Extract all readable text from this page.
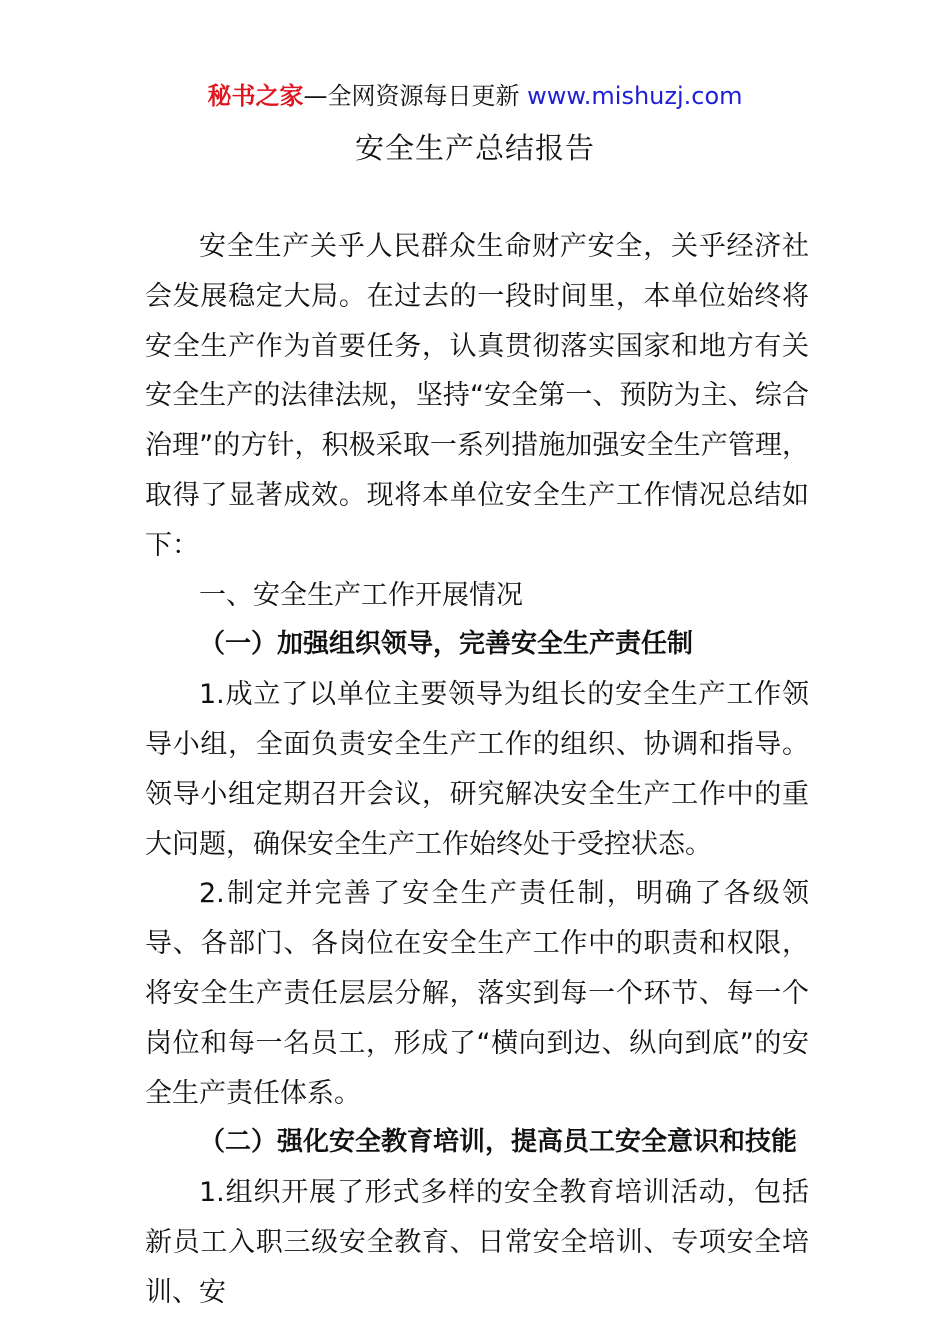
秘书之家—全网资源每日更新 www.mishuzj.com
安全生产总结报告

安全生产关乎人民群众生命财产安全，关乎经济社会发展稳定大局。在过去的一段时间里，本单位始终将安全生产作为首要任务，认真贯彻落实国家和地方有关安全生产的法律法规，坚持“安全第一、预防为主、综合治理”的方针，积极采取一系列措施加强安全生产管理，取得了显著成效。现将本单位安全生产工作情况总结如下：

一、安全生产工作开展情况

（一）加强组织领导，完善安全生产责任制

1.成立了以单位主要领导为组长的安全生产工作领导小组，全面负责安全生产工作的组织、协调和指导。领导小组定期召开会议，研究解决安全生产工作中的重大问题，确保安全生产工作始终处于受控状态。

2.制定并完善了安全生产责任制，明确了各级领导、各部门、各岗位在安全生产工作中的职责和权限，将安全生产责任层层分解，落实到每一个环节、每一个岗位和每一名员工，形成了“横向到边、纵向到底”的安全生产责任体系。

（二）强化安全教育培训，提高员工安全意识和技能

1.组织开展了形式多样的安全教育培训活动，包括新员工入职三级安全教育、日常安全培训、专项安全培训、安
